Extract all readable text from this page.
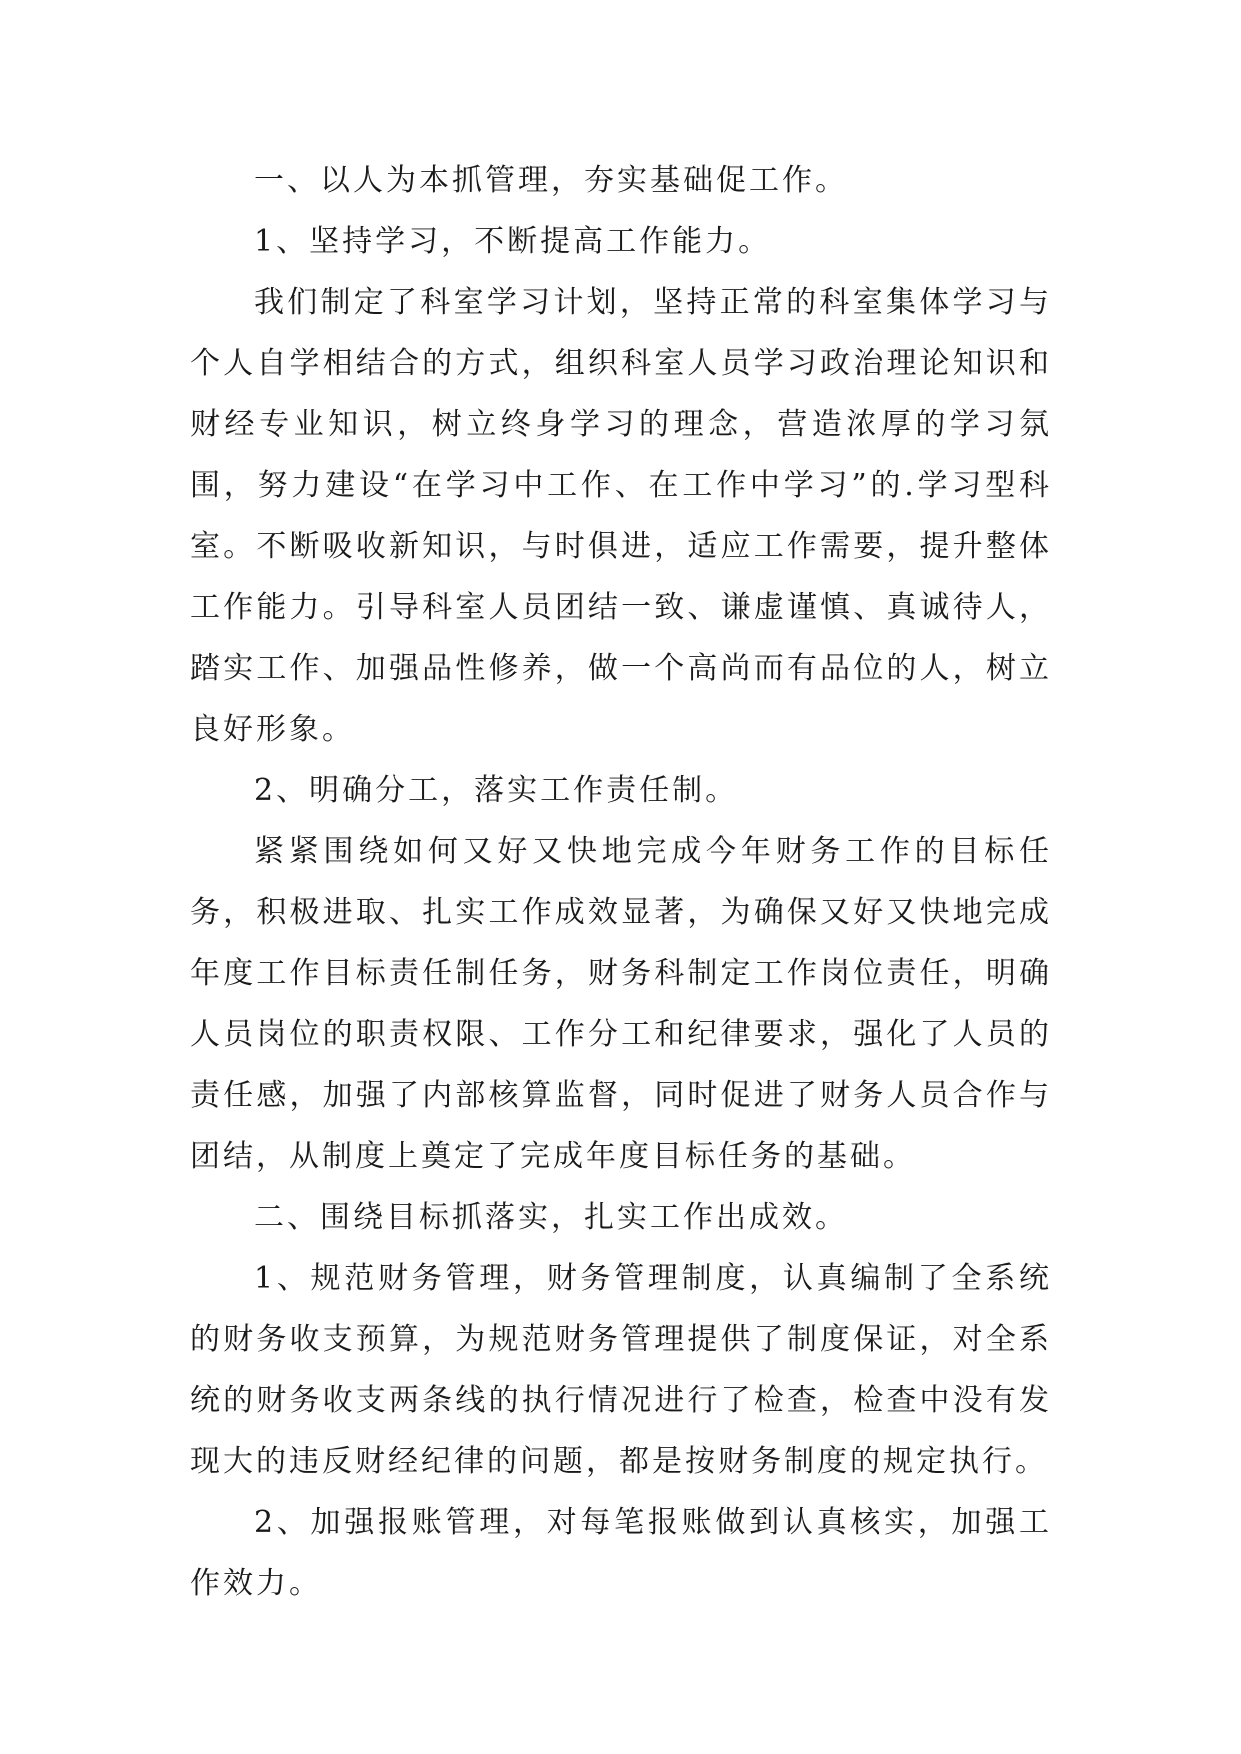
一、以人为本抓管理，夯实基础促工作。

1、坚持学习，不断提高工作能力。

我们制定了科室学习计划，坚持正常的科室集体学习与个人自学相结合的方式，组织科室人员学习政治理论知识和财经专业知识，树立终身学习的理念，营造浓厚的学习氛围，努力建设“在学习中工作、在工作中学习”的.学习型科室。不断吸收新知识，与时俱进，适应工作需要，提升整体工作能力。引导科室人员团结一致、谦虚谨慎、真诚待人，踏实工作、加强品性修养，做一个高尚而有品位的人，树立良好形象。

2、明确分工，落实工作责任制。

紧紧围绕如何又好又快地完成今年财务工作的目标任务，积极进取、扎实工作成效显著，为确保又好又快地完成年度工作目标责任制任务，财务科制定工作岗位责任，明确人员岗位的职责权限、工作分工和纪律要求，强化了人员的责任感，加强了内部核算监督，同时促进了财务人员合作与团结，从制度上奠定了完成年度目标任务的基础。

二、围绕目标抓落实，扎实工作出成效。

1、规范财务管理，财务管理制度，认真编制了全系统的财务收支预算，为规范财务管理提供了制度保证，对全系统的财务收支两条线的执行情况进行了检查，检查中没有发现大的违反财经纪律的问题，都是按财务制度的规定执行。

2、加强报账管理，对每笔报账做到认真核实，加强工作效力。
